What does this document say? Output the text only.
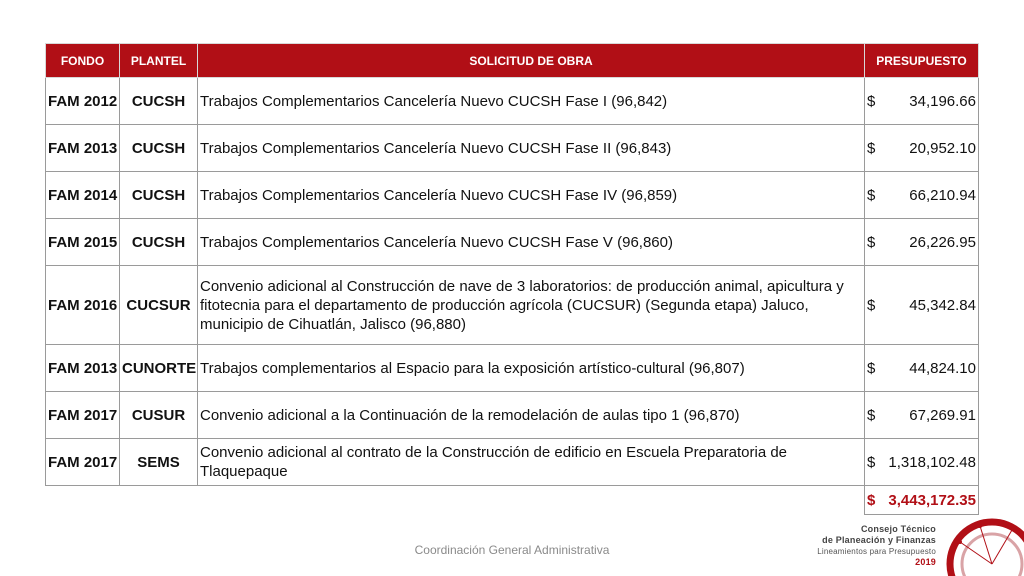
FONDO	PLANTEL	SOLICITUD DE OBRA	PRESUPUESTO
FAM 2012	CUCSH	Trabajos Complementarios Cancelería Nuevo CUCSH Fase I (96,842)	$ 34,196.66

FAM 2013	CUCSH	Trabajos Complementarios Cancelería Nuevo CUCSH Fase II (96,843)	$ 20,952.10

FAM 2014	CUCSH	Trabajos Complementarios Cancelería Nuevo CUCSH Fase IV (96,859)	$ 66,210.94

FAM 2015	CUCSH	Trabajos Complementarios Cancelería Nuevo CUCSH Fase V (96,860)	$ 26,226.95

FAM 2016	CUCSUR	Convenio adicional al Construcción de nave de 3 laboratorios: de producción animal, apicultura y fitotecnia para el departamento de producción agrícola (CUCSUR) (Segunda etapa) Jaluco, municipio de Cihuatlán, Jalisco (96,880)	$ 45,342.84

FAM 2013	CUNORTE	Trabajos complementarios al Espacio para la exposición artístico-cultural (96,807)	$ 44,824.10

FAM 2017	CUSUR	Convenio adicional a la Continuación de la remodelación de aulas tipo 1 (96,870)	$ 67,269.91

FAM 2017	SEMS	Convenio adicional al contrato de la Construcción de edificio en Escuela Preparatoria de Tlaquepaque	$ 1,318,102.48

			$ 3,443,172.35
Coordinación General Administrativa
Consejo Técnico
de Planeación y Finanzas
Lineamientos para Presupuesto
2019
